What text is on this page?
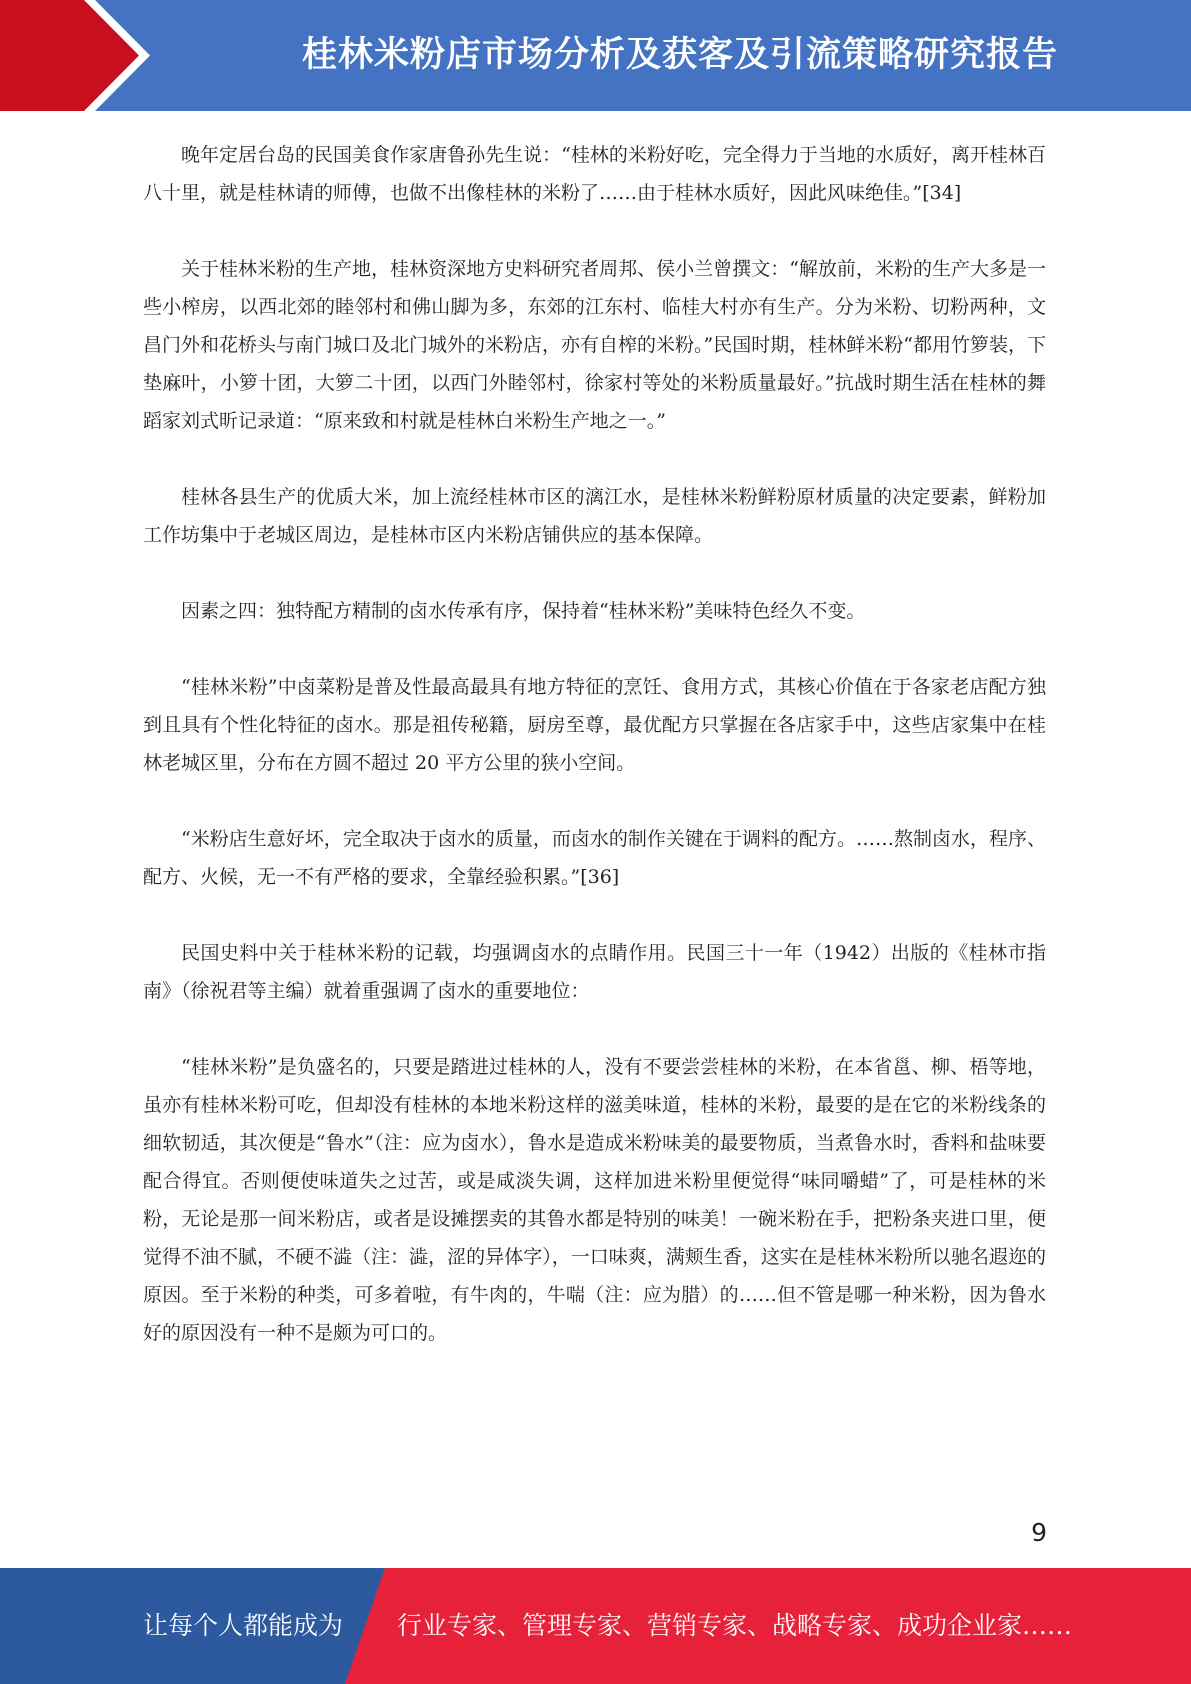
桂林米粉店市场分析及获客及引流策略研究报告

晚年定居台岛的民国美食作家唐鲁孙先生说：“桂林的米粉好吃，完全得力于当地的水质好，离开桂林百八十里，就是桂林请的师傅，也做不出像桂林的米粉了……由于桂林水质好，因此风味绝佳。”[34]

关于桂林米粉的生产地，桂林资深地方史料研究者周邦、侯小兰曾撰文：“解放前，米粉的生产大多是一些小榨房，以西北郊的睦邻村和佛山脚为多，东郊的江东村、临桂大村亦有生产。分为米粉、切粉两种，文昌门外和花桥头与南门城口及北门城外的米粉店，亦有自榨的米粉。”民国时期，桂林鲜米粉“都用竹箩装，下垫麻叶，小箩十团，大箩二十团，以西门外睦邻村，徐家村等处的米粉质量最好。”抗战时期生活在桂林的舞蹈家刘式昕记录道：“原来致和村就是桂林白米粉生产地之一。”

桂林各县生产的优质大米，加上流经桂林市区的漓江水，是桂林米粉鲜粉原材质量的决定要素，鲜粉加工作坊集中于老城区周边，是桂林市区内米粉店铺供应的基本保障。

因素之四：独特配方精制的卤水传承有序，保持着“桂林米粉”美味特色经久不变。

“桂林米粉”中卤菜粉是普及性最高最具有地方特征的烹饪、食用方式，其核心价值在于各家老店配方独到且具有个性化特征的卤水。那是祖传秘籍，厨房至尊，最优配方只掌握在各店家手中，这些店家集中在桂林老城区里，分布在方圆不超过 20 平方公里的狭小空间。

“米粉店生意好坏，完全取决于卤水的质量，而卤水的制作关键在于调料的配方。……熬制卤水，程序、配方、火候，无一不有严格的要求，全靠经验积累。”[36]

民国史料中关于桂林米粉的记载，均强调卤水的点睛作用。民国三十一年（1942）出版的《桂林市指南》（徐祝君等主编）就着重强调了卤水的重要地位：

“桂林米粉”是负盛名的，只要是踏进过桂林的人，没有不要尝尝桂林的米粉，在本省邕、柳、梧等地，虽亦有桂林米粉可吃，但却没有桂林的本地米粉这样的滋美味道，桂林的米粉，最要的是在它的米粉线条的细软韧适，其次便是“鲁水”（注：应为卤水），鲁水是造成米粉味美的最要物质，当煮鲁水时，香料和盐味要配合得宜。否则便使味道失之过苦，或是咸淡失调，这样加进米粉里便觉得“味同嚼蜡”了，可是桂林的米粉，无论是那一间米粉店，或者是设摊摆卖的其鲁水都是特别的味美！一碗米粉在手，把粉条夹进口里，便觉得不油不腻，不硬不澁（注：澁，涩的异体字），一口味爽，满颊生香，这实在是桂林米粉所以驰名遐迩的原因。至于米粉的种类，可多着啦，有牛肉的，牛喘（注：应为腊）的……但不管是哪一种米粉，因为鲁水好的原因没有一种不是颇为可口的。

9
让每个人都能成为 行业专家、管理专家、营销专家、战略专家、成功企业家……
